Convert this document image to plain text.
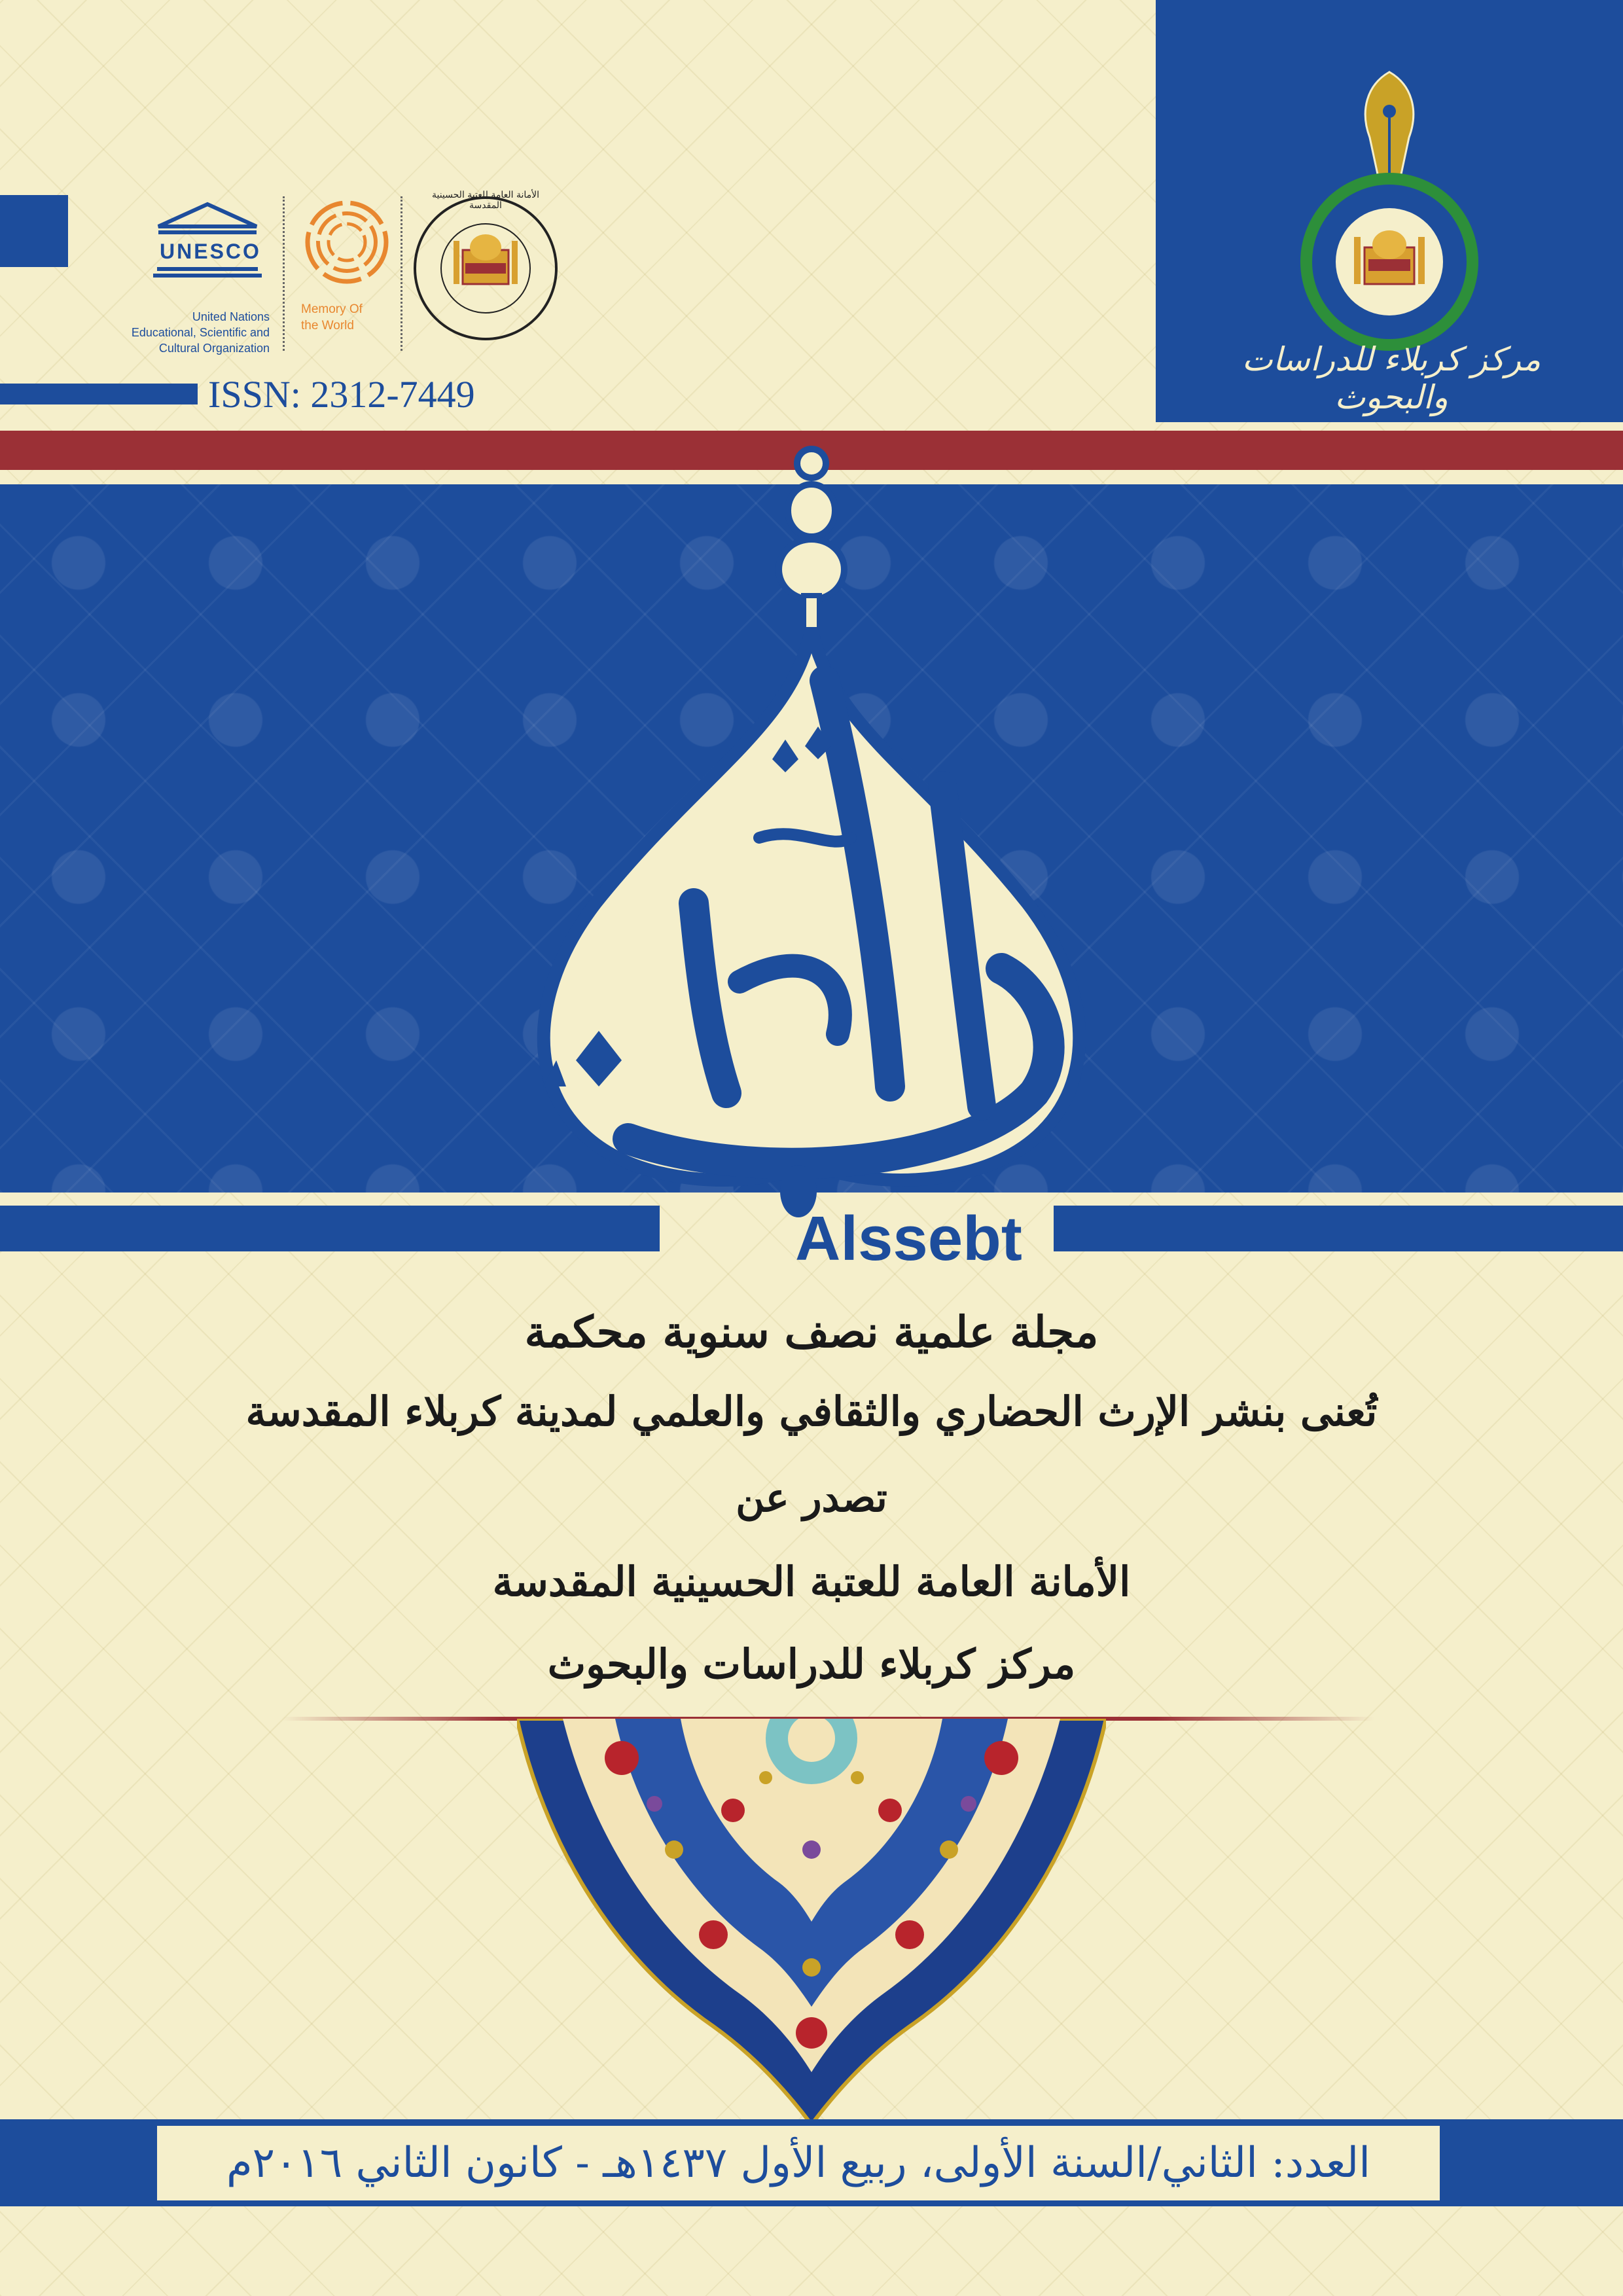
UNESCO
United Nations
Educational, Scientific and
Cultural Organization
Memory Of
the World
الأمانة العامة للعتبة الحسينية المقدسة
ISSN: 2312-7449
مركز كربلاء للدراسات والبحوث
Alssebt
مجلة علمية نصف سنوية محكمة
تُعنى بنشر الإرث الحضاري والثقافي والعلمي لمدينة كربلاء المقدسة
تصدر عن
الأمانة العامة للعتبة الحسينية المقدسة
مركز كربلاء للدراسات والبحوث
العدد: الثاني/السنة الأولى، ربيع الأول ١٤٣٧هـ - كانون الثاني ٢٠١٦م
